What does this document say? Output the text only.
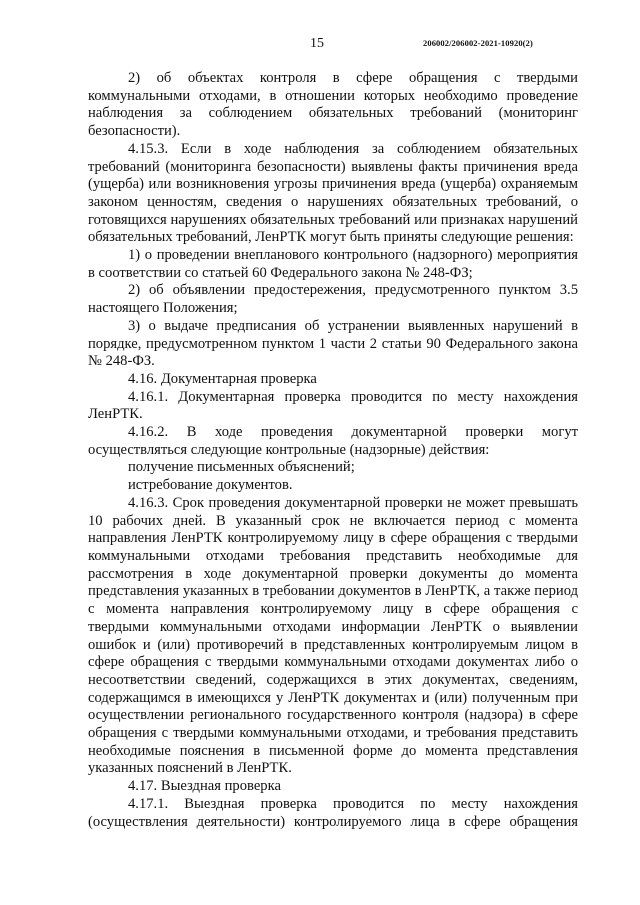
15	206002/206002-2021-10920(2)

2) об объектах контроля в сфере обращения с твердыми коммунальными отходами, в отношении которых необходимо проведение наблюдения за соблюдением обязательных требований (мониторинг безопасности).

4.15.3. Если в ходе наблюдения за соблюдением обязательных требований (мониторинга безопасности) выявлены факты причинения вреда (ущерба) или возникновения угрозы причинения вреда (ущерба) охраняемым законом ценностям, сведения о нарушениях обязательных требований, о готовящихся нарушениях обязательных требований или признаках нарушений обязательных требований, ЛенРТК могут быть приняты следующие решения:

1) о проведении внепланового контрольного (надзорного) мероприятия в соответствии со статьей 60 Федерального закона № 248-ФЗ;

2) об объявлении предостережения, предусмотренного пунктом 3.5 настоящего Положения;

3) о выдаче предписания об устранении выявленных нарушений в порядке, предусмотренном пунктом 1 части 2 статьи 90 Федерального закона № 248-ФЗ.

4.16. Документарная проверка

4.16.1. Документарная проверка проводится по месту нахождения ЛенРТК.

4.16.2. В ходе проведения документарной проверки могут осуществляться следующие контрольные (надзорные) действия:

получение письменных объяснений;

истребование документов.

4.16.3. Срок проведения документарной проверки не может превышать 10 рабочих дней. В указанный срок не включается период с момента направления ЛенРТК контролируемому лицу в сфере обращения с твердыми коммунальными отходами требования представить необходимые для рассмотрения в ходе документарной проверки документы до момента представления указанных в требовании документов в ЛенРТК, а также период с момента направления контролируемому лицу в сфере обращения с твердыми коммунальными отходами информации ЛенРТК о выявлении ошибок и (или) противоречий в представленных контролируемым лицом в сфере обращения с твердыми коммунальными отходами документах либо о несоответствии сведений, содержащихся в этих документах, сведениям, содержащимся в имеющихся у ЛенРТК документах и (или) полученным при осуществлении регионального государственного контроля (надзора) в сфере обращения с твердыми коммунальными отходами, и требования представить необходимые пояснения в письменной форме до момента представления указанных пояснений в ЛенРТК.

4.17. Выездная проверка

4.17.1. Выездная проверка проводится по месту нахождения (осуществления деятельности) контролируемого лица в сфере обращения
